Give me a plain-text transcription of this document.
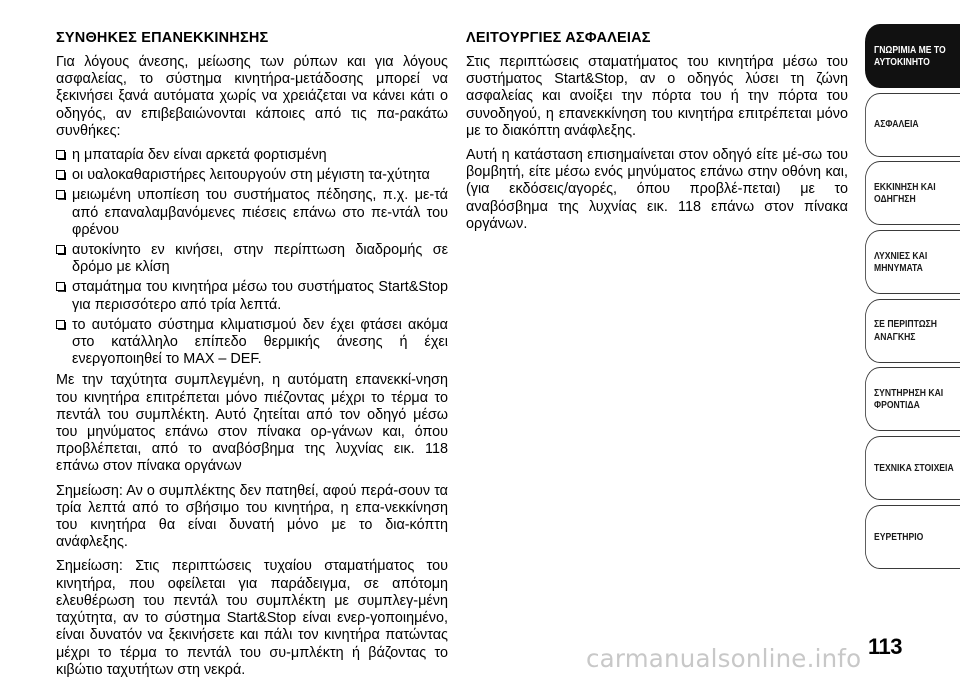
ΣΥΝΘΗΚΕΣ ΕΠΑΝΕΚΚΙΝΗΣΗΣ

Για λόγους άνεσης, μείωσης των ρύπων και για λόγους ασφαλείας, το σύστημα κινητήρα-μετάδοσης μπορεί να ξεκινήσει ξανά αυτόματα χωρίς να χρειάζεται να κάνει κάτι ο οδηγός, αν επιβεβαιώνονται κάποιες από τις πα-ρακάτω συνθήκες:

η μπαταρία δεν είναι αρκετά φορτισμένη
οι υαλοκαθαριστήρες λειτουργούν στη μέγιστη τα-χύτητα
μειωμένη υποπίεση του συστήματος πέδησης, π.χ. με-τά από επαναλαμβανόμενες πιέσεις επάνω στο πε-ντάλ του φρένου
αυτοκίνητο εν κινήσει, στην περίπτωση διαδρομής σε δρόμο με κλίση
σταμάτημα του κινητήρα μέσω του συστήματος Start&Stop για περισσότερο από τρία λεπτά.
το αυτόματο σύστημα κλιματισμού δεν έχει φτάσει ακόμα στο κατάλληλο επίπεδο θερμικής άνεσης ή έχει ενεργοποιηθεί το MAX – DEF.

Με την ταχύτητα συμπλεγμένη, η αυτόματη επανεκκί-νηση του κινητήρα επιτρέπεται μόνο πιέζοντας μέχρι το τέρμα το πεντάλ του συμπλέκτη. Αυτό ζητείται από τον οδηγό μέσω του μηνύματος επάνω στον πίνακα ορ-γάνων και, όπου προβλέπεται, από το αναβόσβημα της λυχνίας εικ. 118 επάνω στον πίνακα οργάνων

Σημείωση: Αν ο συμπλέκτης δεν πατηθεί, αφού περά-σουν τα τρία λεπτά από το σβήσιμο του κινητήρα, η επα-νεκκίνηση του κινητήρα θα είναι δυνατή μόνο με το δια-κόπτη ανάφλεξης.

Σημείωση: Στις περιπτώσεις τυχαίου σταματήματος του κινητήρα, που οφείλεται για παράδειγμα, σε απότομη ελευθέρωση του πεντάλ του συμπλέκτη με συμπλεγ-μένη ταχύτητα, αν το σύστημα Start&Stop είναι ενερ-γοποιημένο, είναι δυνατόν να ξεκινήσετε και πάλι τον κινητήρα πατώντας μέχρι το τέρμα το πεντάλ του συ-μπλέκτη ή βάζοντας το κιβώτιο ταχυτήτων στη νεκρά.

ΛΕΙΤΟΥΡΓΙΕΣ ΑΣΦΑΛΕΙΑΣ

Στις περιπτώσεις σταματήματος του κινητήρα μέσω του συστήματος Start&Stop, αν ο οδηγός λύσει τη ζώνη ασφαλείας και ανοίξει την πόρτα του ή την πόρτα του συνοδηγού, η επανεκκίνηση του κινητήρα επιτρέπεται μόνο με το διακόπτη ανάφλεξης.

Αυτή η κατάσταση επισημαίνεται στον οδηγό είτε μέ-σω του βομβητή, είτε μέσω ενός μηνύματος επάνω στην οθόνη και, (για εκδόσεις/αγορές, όπου προβλέ-πεται) με το αναβόσβημα της λυχνίας εικ. 118 επάνω στον πίνακα οργάνων.

ΓΝΩΡΙΜΙΑ ΜΕ ΤΟ
ΑΥΤΟΚΙΝΗΤΟ
ΑΣΦΑΛΕΙΑ
ΕΚΚΙΝΗΣΗ ΚΑΙ
ΟΔΗΓΗΣΗ
ΛΥΧΝΙΕΣ ΚΑΙ
ΜΗΝΥΜΑΤΑ
ΣΕ ΠΕΡΙΠΤΩΣΗ
ΑΝΑΓΚΗΣ
ΣΥΝΤΗΡΗΣΗ ΚΑΙ
ΦΡΟΝΤΙΔΑ
ΤΕΧΝΙΚΑ ΣΤΟΙΧΕΙΑ
ΕΥΡΕΤΗΡΙΟ
carmanualsonline.info 113
